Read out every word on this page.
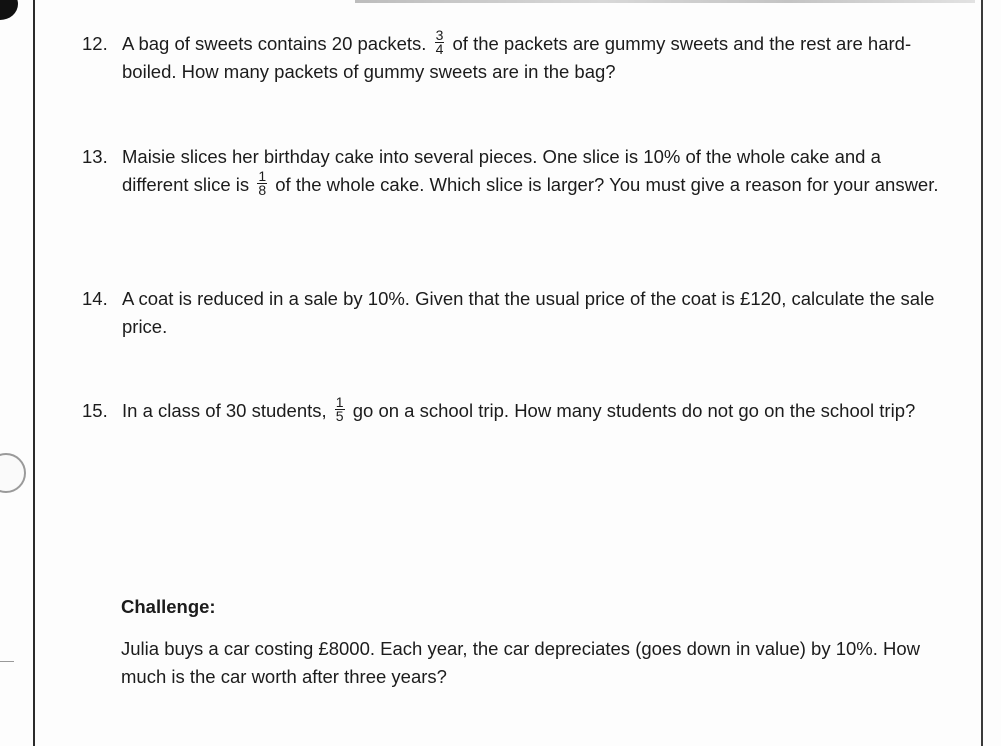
12. A bag of sweets contains 20 packets. $\frac{3}{4}$ of the packets are gummy sweets and the rest are hard-boiled. How many packets of gummy sweets are in the bag?
13. Maisie slices her birthday cake into several pieces. One slice is 10% of the whole cake and a different slice is $\frac{1}{8}$ of the whole cake. Which slice is larger? You must give a reason for your answer.
14. A coat is reduced in a sale by 10%. Given that the usual price of the coat is £120, calculate the sale price.
15. In a class of 30 students, $\frac{1}{5}$ go on a school trip. How many students do not go on the school trip?
Challenge:
Julia buys a car costing £8000. Each year, the car depreciates (goes down in value) by 10%. How much is the car worth after three years?
